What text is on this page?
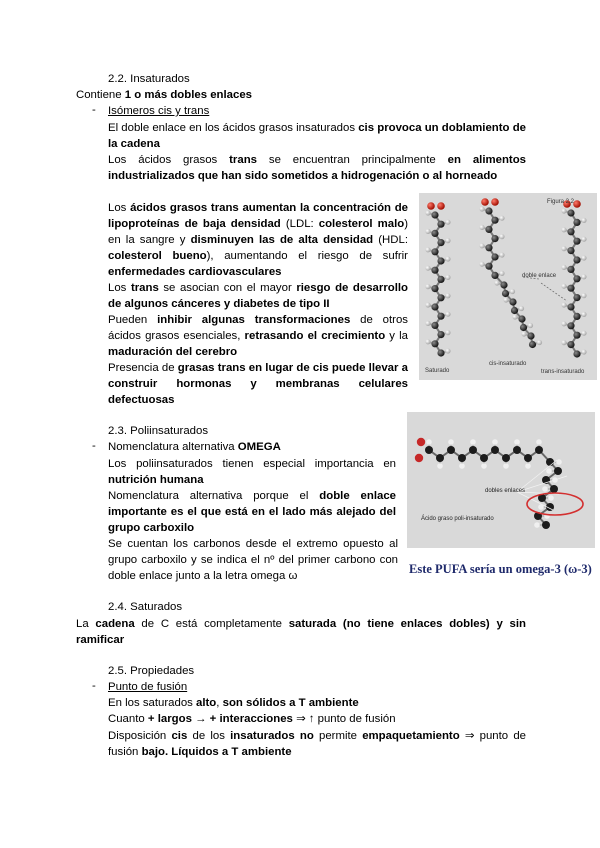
2.2. Insaturados
Contiene 1 o más dobles enlaces
- Isómeros cis y trans
El doble enlace en los ácidos grasos insaturados cis provoca un doblamiento de la cadena
Los ácidos grasos trans se encuentran principalmente en alimentos industrializados que han sido sometidos a hidrogenación o al horneado
Los ácidos grasos trans aumentan la concentración de lipoproteínas de baja densidad (LDL: colesterol malo) en la sangre y disminuyen las de alta densidad (HDL: colesterol bueno), aumentando el riesgo de sufrir enfermedades cardiovasculares
Los trans se asocian con el mayor riesgo de desarrollo de algunos cánceres y diabetes de tipo II
Pueden inhibir algunas transformaciones de otros ácidos grasos esenciales, retrasando el crecimiento y la maduración del cerebro
Presencia de grasas trans en lugar de cis puede llevar a construir hormonas y membranas celulares defectuosas
Figura 2.2
doble enlace
Saturado
cis-insaturado
trans-insaturado
2.3. Poliinsaturados
- Nomenclatura alternativa OMEGA
Los poliinsaturados tienen especial importancia en nutrición humana
Nomenclatura alternativa porque el doble enlace importante es el que está en el lado más alejado del grupo carboxilo
Se cuentan los carbonos desde el extremo opuesto al grupo carboxilo y se indica el nº del primer carbono con doble enlace junto a la letra omega ω
dobles enlaces
Ácido graso poli-insaturado
Este PUFA sería un omega-3 (ω-3)
2.4. Saturados
La cadena de C está completamente saturada (no tiene enlaces dobles) y sin ramificar
2.5. Propiedades
- Punto de fusión
En los saturados alto, son sólidos a T ambiente
Cuanto + largos → + interacciones ⇒ ↑ punto de fusión
Disposición cis de los insaturados no permite empaquetamiento ⇒ punto de fusión bajo. Líquidos a T ambiente
